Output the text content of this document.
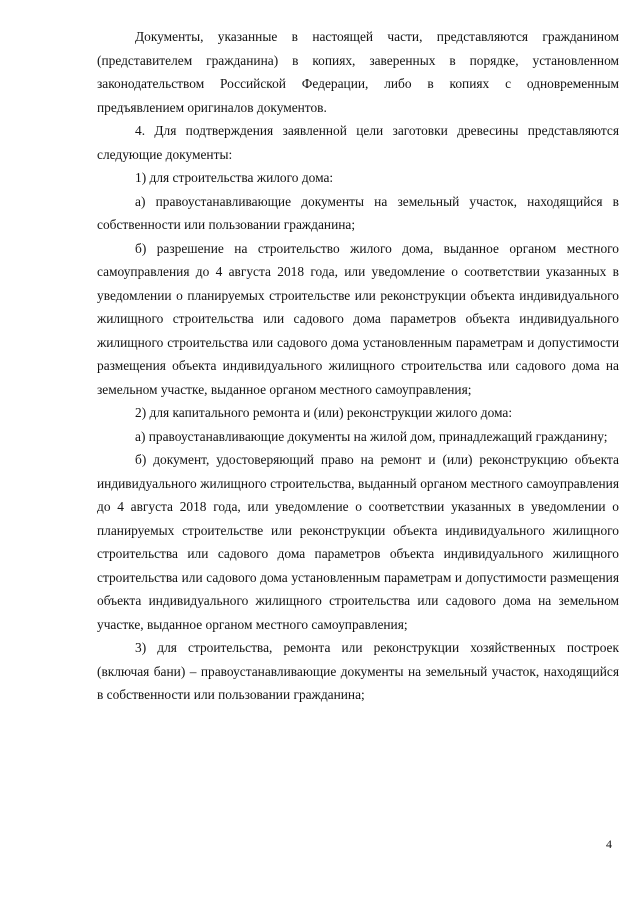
Документы, указанные в настоящей части, представляются гражданином (представителем гражданина) в копиях, заверенных в порядке, установленном законодательством Российской Федерации, либо в копиях с одновременным предъявлением оригиналов документов.

4. Для подтверждения заявленной цели заготовки древесины представляются следующие документы:

1) для строительства жилого дома:

а) правоустанавливающие документы на земельный участок, находящийся в собственности или пользовании гражданина;

б) разрешение на строительство жилого дома, выданное органом местного самоуправления до 4 августа 2018 года, или уведомление о соответствии указанных в уведомлении о планируемых строительстве или реконструкции объекта индивидуального жилищного строительства или садового дома параметров объекта индивидуального жилищного строительства или садового дома установленным параметрам и допустимости размещения объекта индивидуального жилищного строительства или садового дома на земельном участке, выданное органом местного самоуправления;

2) для капитального ремонта и (или) реконструкции жилого дома:

а) правоустанавливающие документы на жилой дом, принадлежащий гражданину;

б) документ, удостоверяющий право на ремонт и (или) реконструкцию объекта индивидуального жилищного строительства, выданный органом местного самоуправления до 4 августа 2018 года, или уведомление о соответствии указанных в уведомлении о планируемых строительстве или реконструкции объекта индивидуального жилищного строительства или садового дома параметров объекта индивидуального жилищного строительства или садового дома установленным параметрам и допустимости размещения объекта индивидуального жилищного строительства или садового дома на земельном участке, выданное органом местного самоуправления;

3) для строительства, ремонта или реконструкции хозяйственных построек (включая бани) – правоустанавливающие документы на земельный участок, находящийся в собственности или пользовании гражданина;

4
